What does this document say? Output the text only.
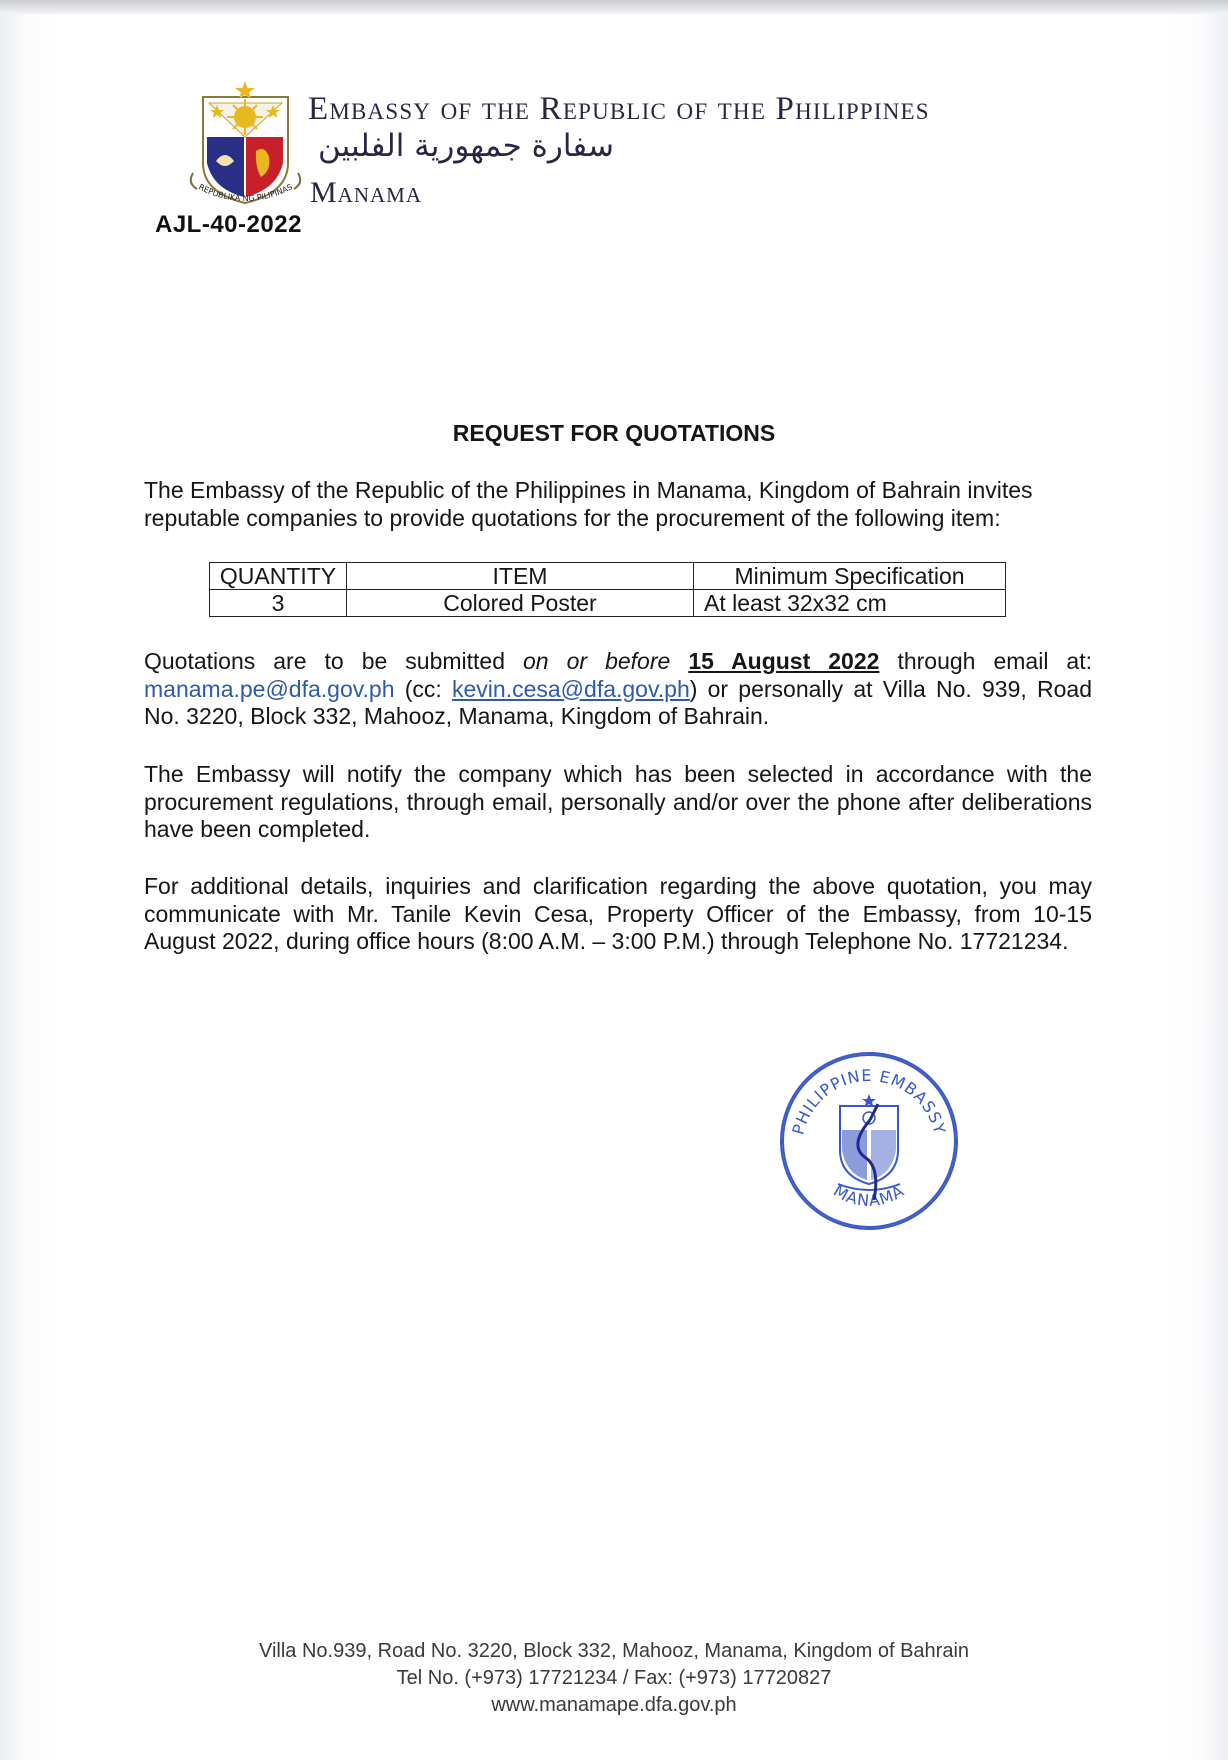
REPUBLIKA NG PILIPINAS
Embassy of the Republic of the Philippines
سفارة جمهورية الفلبين
Manama
AJL-40-2022
REQUEST FOR QUOTATIONS
The Embassy of the Republic of the Philippines in Manama, Kingdom of Bahrain invites reputable companies to provide quotations for the procurement of the following item:
QUANTITY	ITEM	Minimum Specification
3	Colored Poster	At least 32x32 cm
Quotations are to be submitted on or before 15 August 2022 through email at: manama.pe@dfa.gov.ph (cc: kevin.cesa@dfa.gov.ph) or personally at Villa No. 939, Road No. 3220, Block 332, Mahooz, Manama, Kingdom of Bahrain.
The Embassy will notify the company which has been selected in accordance with the procurement regulations, through email, personally and/or over the phone after deliberations have been completed.
For additional details, inquiries and clarification regarding the above quotation, you may communicate with Mr. Tanile Kevin Cesa, Property Officer of the Embassy, from 10-15 August 2022, during office hours (8:00 A.M. – 3:00 P.M.) through Telephone No. 17721234.
PHILIPPINE EMBASSY
MANAMA
Villa No.939, Road No. 3220, Block 332, Mahooz, Manama, Kingdom of Bahrain
Tel No. (+973) 17721234 / Fax: (+973) 17720827
www.manamape.dfa.gov.ph
